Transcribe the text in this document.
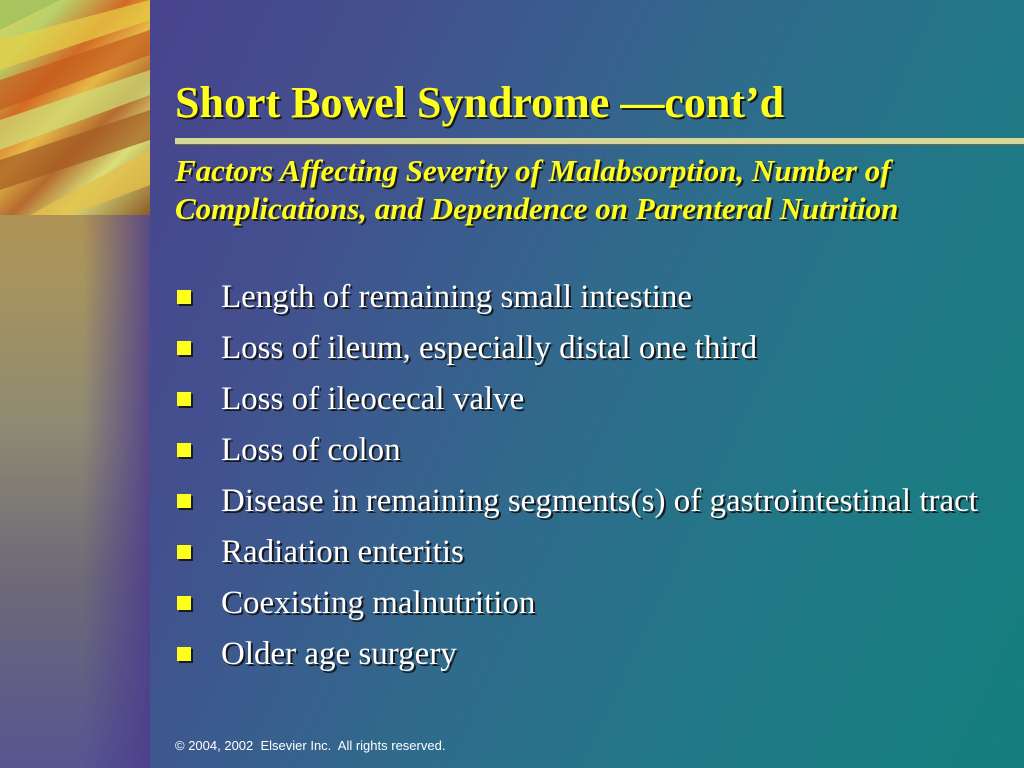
Short Bowel Syndrome —cont’d

Factors Affecting Severity of Malabsorption, Number of Complications, and Dependence on Parenteral Nutrition

Length of remaining small intestine
Loss of ileum, especially distal one third
Loss of ileocecal valve
Loss of colon
Disease in remaining segments(s) of gastrointestinal tract
Radiation enteritis
Coexisting malnutrition
Older age surgery

© 2004, 2002  Elsevier Inc.  All rights reserved.
